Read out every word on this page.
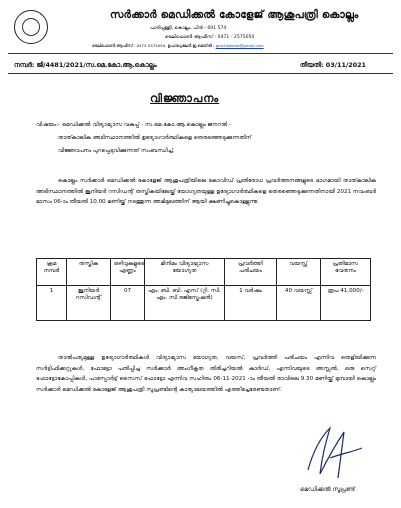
സർക്കാർ മെഡിക്കൽ കോളേജ് ആശുപത്രി കൊല്ലം
പാരിപ്പള്ളി, കൊല്ലം, പിൻ - 691 574
ടെലിഫോൺ ആഫീസ് : 0471 - 2575050
ടെലിഫോൺ ആഫീസ് : 0474 2575050, ഉപാദ്ധ്യക്ഷൻ ഇ-മെയിൽ : gmchkollam@gmail.com
നമ്പർ: ജി/4481/2021/സ.മെ.കോ.ആ.കൊല്ലം	തീയതി: 03/11/2021
വിജ്ഞാപനം
വിഷയം:- മെഡിക്കൽ വിദ്യാഭ്യാസ വകുപ്പ് - സ.മെ.കോ.ആ.കൊല്ലം ജനറൽ -
താത്കാലിക അടിസ്ഥാനത്തിൽ ഉദ്യോഗാർത്ഥികളെ തെരഞ്ഞെടുക്കുന്നതിന്
വിജ്ഞാപനം പുറപ്പെടുവിക്കുന്നത് സംബന്ധിച്ച്.
കൊല്ലം സർക്കാർ മെഡിക്കൽ കോളേജ് ആശുപത്രിയിലെ കോവിഡ് പ്രതിരോധ പ്രവർത്തനങ്ങളുടെ ഭാഗമായി താത്കാലിക അടിസ്ഥാനത്തിൽ ജൂനിയർ റസിഡന്റ് തസ്തികയിലേയ്ക്ക് യോഗ്യതയുള്ള ഉദ്യോഗാർത്ഥികളെ തെരഞ്ഞെടുക്കുന്നതിനായി 2021 നവംബർ മാസം 06-ാം തീയതി 10.00 മണിയ്ക്ക് നടത്തുന്ന അഭിമുഖത്തിന് ആയി ക്ഷണിച്ചുകൊള്ളുന്നു.
ക്രമ നമ്പർ	തസ്തിക	ഒഴിവുകളുടെ എണ്ണം	മിനിമം വിദ്യാഭ്യാസ യോഗ്യത	പ്രവർത്തി പരിചയം	വയസ്സ്	പ്രതിമാസ വേതനം
1	ജൂനിയർ റസിഡന്റ്	07	എം. ബി. ബി. എസ് (റ്റി. സി. എം. സി രജിസ്ട്രേഷൻ)	1 വർഷം	40 വയസ്സ്	രൂപ 41,000/-
താൽപര്യമുള്ള ഉദ്യോഗാർത്ഥികൾ വിദ്യാഭ്യാസ യോഗ്യത, വയസ്, പ്രവർത്തി പരിചയം എന്നിവ തെളിയിക്കുന്ന സർട്ടിഫിക്കറ്റുകൾ, ഫോട്ടോ പതിപ്പിച്ച സർക്കാർ അംഗീകൃത തിരിച്ചറിയൽ കാർഡ്, എന്നിവയുടെ അസ്സൽ, ഒരു സെറ്റ് ഫോട്ടോകോപ്പികൾ, പാസ്പോർട്ട് സൈസ് ഫോട്ടോ എന്നിവ സഹിതം 06-11-2021 -ാം തീയതി രാവിലെ 9.30 മണിയ്ക്ക് മുമ്പായി കൊല്ലം സർക്കാർ മെഡിക്കൽ കോളേജ് ആശുപത്രി സൂപ്രണ്ടിന്റെ കാര്യാലയത്തിൽ എത്തിച്ചേരേണ്ടതാണ്.
മെഡിക്കൽ സൂപ്രണ്ട്
